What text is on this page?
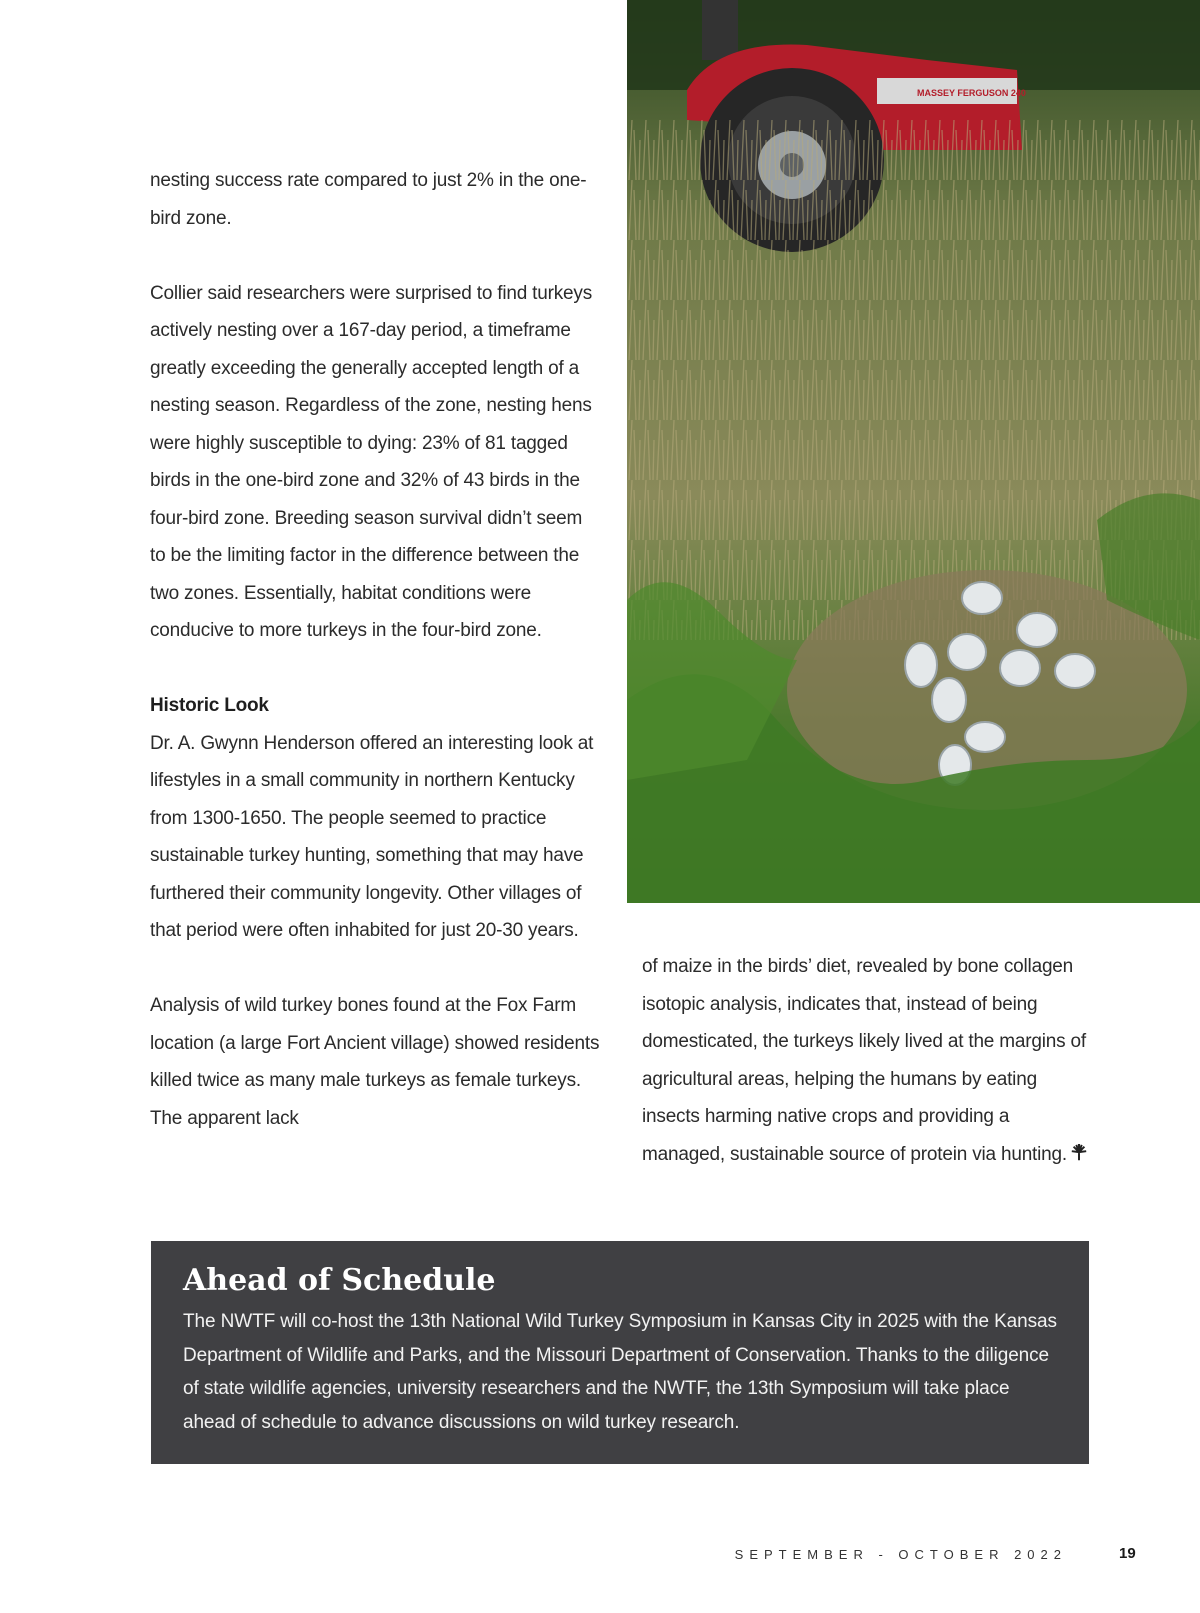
nesting success rate compared to just 2% in the one-bird zone.

Collier said researchers were surprised to find turkeys actively nesting over a 167-day period, a timeframe greatly exceeding the generally accepted length of a nesting season. Regardless of the zone, nesting hens were highly susceptible to dying: 23% of 81 tagged birds in the one-bird zone and 32% of 43 birds in the four-bird zone. Breeding season survival didn’t seem to be the limiting factor in the difference between the two zones. Essentially, habitat conditions were conducive to more turkeys in the four-bird zone.

Historic Look

Dr. A. Gwynn Henderson offered an interesting look at lifestyles in a small community in northern Kentucky from 1300-1650. The people seemed to practice sustainable turkey hunting, something that may have furthered their community longevity. Other villages of that period were often inhabited for just 20-30 years.

Analysis of wild turkey bones found at the Fox Farm location (a large Fort Ancient village) showed residents killed twice as many male turkeys as female turkeys. The apparent lack

MASSEY FERGUSON 240

of maize in the birds’ diet, revealed by bone collagen isotopic analysis, indicates that, instead of being domesticated, the turkeys likely lived at the margins of agricultural areas, helping the humans by eating insects harming native crops and providing a managed, sustainable source of protein via hunting.

Ahead of Schedule

The NWTF will co-host the 13th National Wild Turkey Symposium in Kansas City in 2025 with the Kansas Department of Wildlife and Parks, and the Missouri Department of Conservation. Thanks to the diligence of state wildlife agencies, university researchers and the NWTF, the 13th Symposium will take place ahead of schedule to advance discussions on wild turkey research.

SEPTEMBER - OCTOBER 2022	19
